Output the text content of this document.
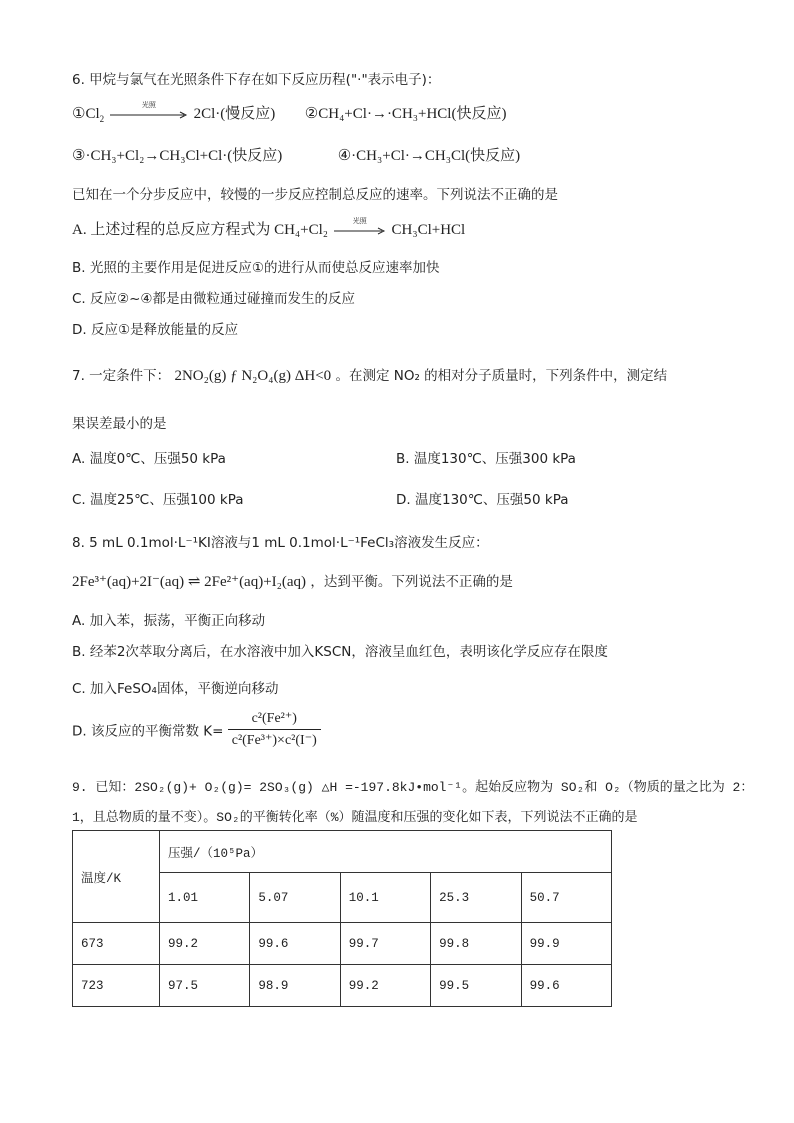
6. 甲烷与氯气在光照条件下存在如下反应历程("·"表示电子)：
$①Cl_2$
光照
2Cl·(慢反应) ②CH₄+Cl·→·CH₃+HCl(快反应)
③·CH₃+Cl₂→CH₃Cl+Cl·(快反应)	④·CH₃+Cl·→CH₃Cl(快反应)
已知在一个分步反应中，较慢的一步反应控制总反应的速率。下列说法不正确的是
A. 上述过程的总反应方程式为 CH₄+Cl₂
光照
CH₃Cl+HCl
B. 光照的主要作用是促进反应①的进行从而使总反应速率加快
C. 反应②~④都是由微粒通过碰撞而发生的反应
D. 反应①是释放能量的反应
7. 一定条件下： 2NO₂(g) ƒ N₂O₄(g) ΔH<0 。在测定 NO₂ 的相对分子质量时，下列条件中，测定结
果误差最小的是
A. 温度0℃、压强50 kPa	B. 温度130℃、压强300 kPa
C. 温度25℃、压强100 kPa	D. 温度130℃、压强50 kPa
8. 5 mL 0.1mol·L⁻¹KI溶液与1 mL 0.1mol·L⁻¹FeCl₃溶液发生反应：
2Fe³⁺(aq)+2I⁻(aq) ⇌ 2Fe²⁺(aq)+I₂(aq) ，达到平衡。下列说法不正确的是
A. 加入苯，振荡，平衡正向移动
B. 经苯2次萃取分离后，在水溶液中加入KSCN，溶液呈血红色，表明该化学反应存在限度
C. 加入FeSO₄固体，平衡逆向移动
D. 该反应的平衡常数 $K= \frac{\text{c²(Fe²⁺)}}{\text{c²(Fe³⁺)×c²(I⁻)}}$
9. 已知：2SO₂(g)+ O₂(g)= 2SO₃(g) △H =-197.8kJ•mol⁻¹。起始反应物为 SO₂和 O₂（物质的量之比为 2：
1，且总物质的量不变）。SO₂的平衡转化率（%）随温度和压强的变化如下表，下列说法不正确的是
温度/K	压强/（10⁵Pa）				
	1.01	5.07	10.1	25.3	50.7
673	99.2	99.6	99.7	99.8	99.9
723	97.5	98.9	99.2	99.5	99.6
